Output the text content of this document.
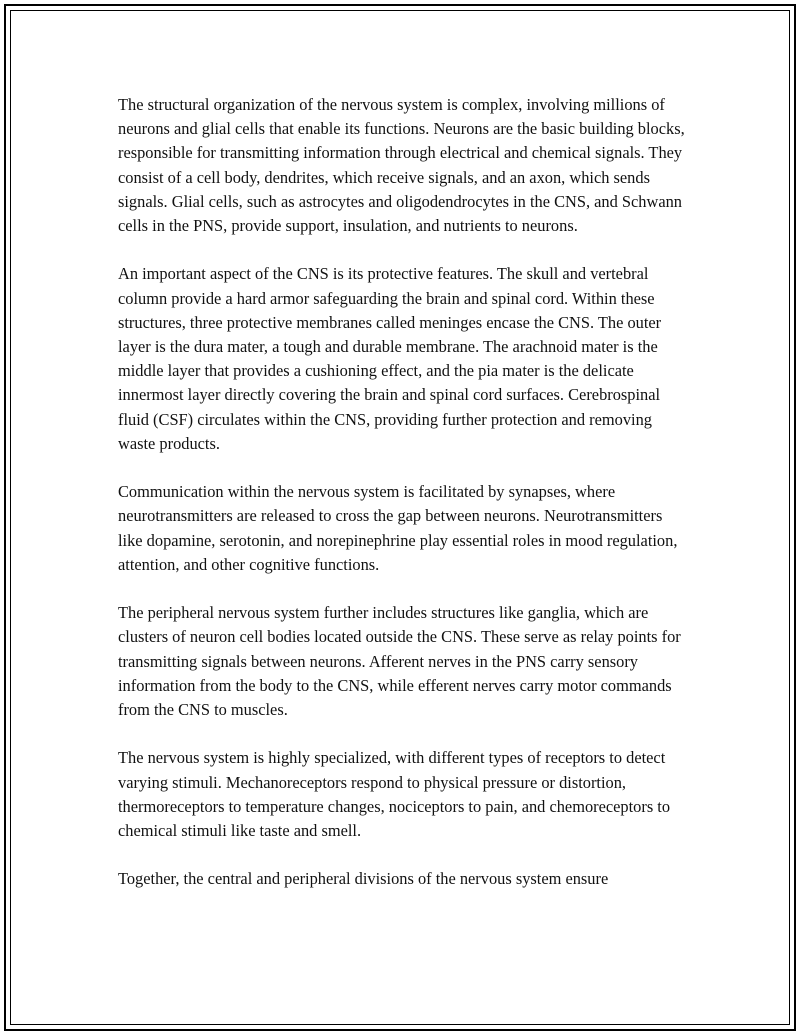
The structural organization of the nervous system is complex, involving millions of neurons and glial cells that enable its functions. Neurons are the basic building blocks, responsible for transmitting information through electrical and chemical signals. They consist of a cell body, dendrites, which receive signals, and an axon, which sends signals. Glial cells, such as astrocytes and oligodendrocytes in the CNS, and Schwann cells in the PNS, provide support, insulation, and nutrients to neurons.

An important aspect of the CNS is its protective features. The skull and vertebral column provide a hard armor safeguarding the brain and spinal cord. Within these structures, three protective membranes called meninges encase the CNS. The outer layer is the dura mater, a tough and durable membrane. The arachnoid mater is the middle layer that provides a cushioning effect, and the pia mater is the delicate innermost layer directly covering the brain and spinal cord surfaces. Cerebrospinal fluid (CSF) circulates within the CNS, providing further protection and removing waste products.

Communication within the nervous system is facilitated by synapses, where neurotransmitters are released to cross the gap between neurons. Neurotransmitters like dopamine, serotonin, and norepinephrine play essential roles in mood regulation, attention, and other cognitive functions.

The peripheral nervous system further includes structures like ganglia, which are clusters of neuron cell bodies located outside the CNS. These serve as relay points for transmitting signals between neurons. Afferent nerves in the PNS carry sensory information from the body to the CNS, while efferent nerves carry motor commands from the CNS to muscles.

The nervous system is highly specialized, with different types of receptors to detect varying stimuli. Mechanoreceptors respond to physical pressure or distortion, thermoreceptors to temperature changes, nociceptors to pain, and chemoreceptors to chemical stimuli like taste and smell.

Together, the central and peripheral divisions of the nervous system ensure
